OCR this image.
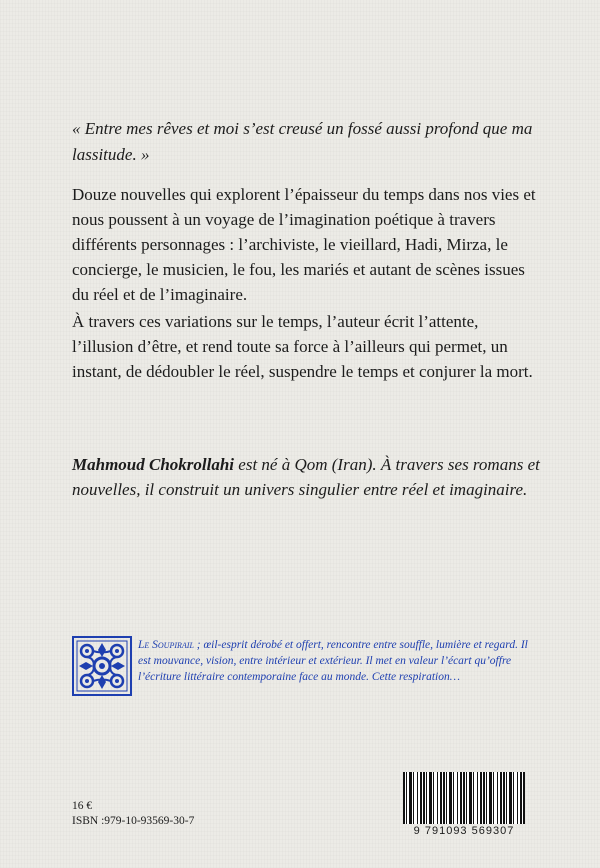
« Entre mes rêves et moi s’est creusé un fossé aussi profond que ma lassitude. »

Douze nouvelles qui explorent l’épaisseur du temps dans nos vies et nous poussent à un voyage de l’imagination poétique à travers différents personnages : l’archiviste, le vieillard, Hadi, Mirza, le concierge, le musicien, le fou, les mariés et autant de scènes issues du réel et de l’imaginaire.

À travers ces variations sur le temps, l’auteur écrit l’attente, l’illusion d’être, et rend toute sa force à l’ailleurs qui permet, un instant, de dédoubler le réel, suspendre le temps et conjurer la mort.

Mahmoud Chokrollahi est né à Qom (Iran). À travers ses romans et nouvelles, il construit un univers singulier entre réel et imaginaire.

Le Soupirail ; œil-esprit dérobé et offert, rencontre entre souffle, lumière et regard. Il est mouvance, vision, entre intérieur et extérieur. Il met en valeur l’écart qu’offre l’écriture littéraire contemporaine face au monde. Cette respiration…

16 €

ISBN :979-10-93569-30-7

9 791093 569307
